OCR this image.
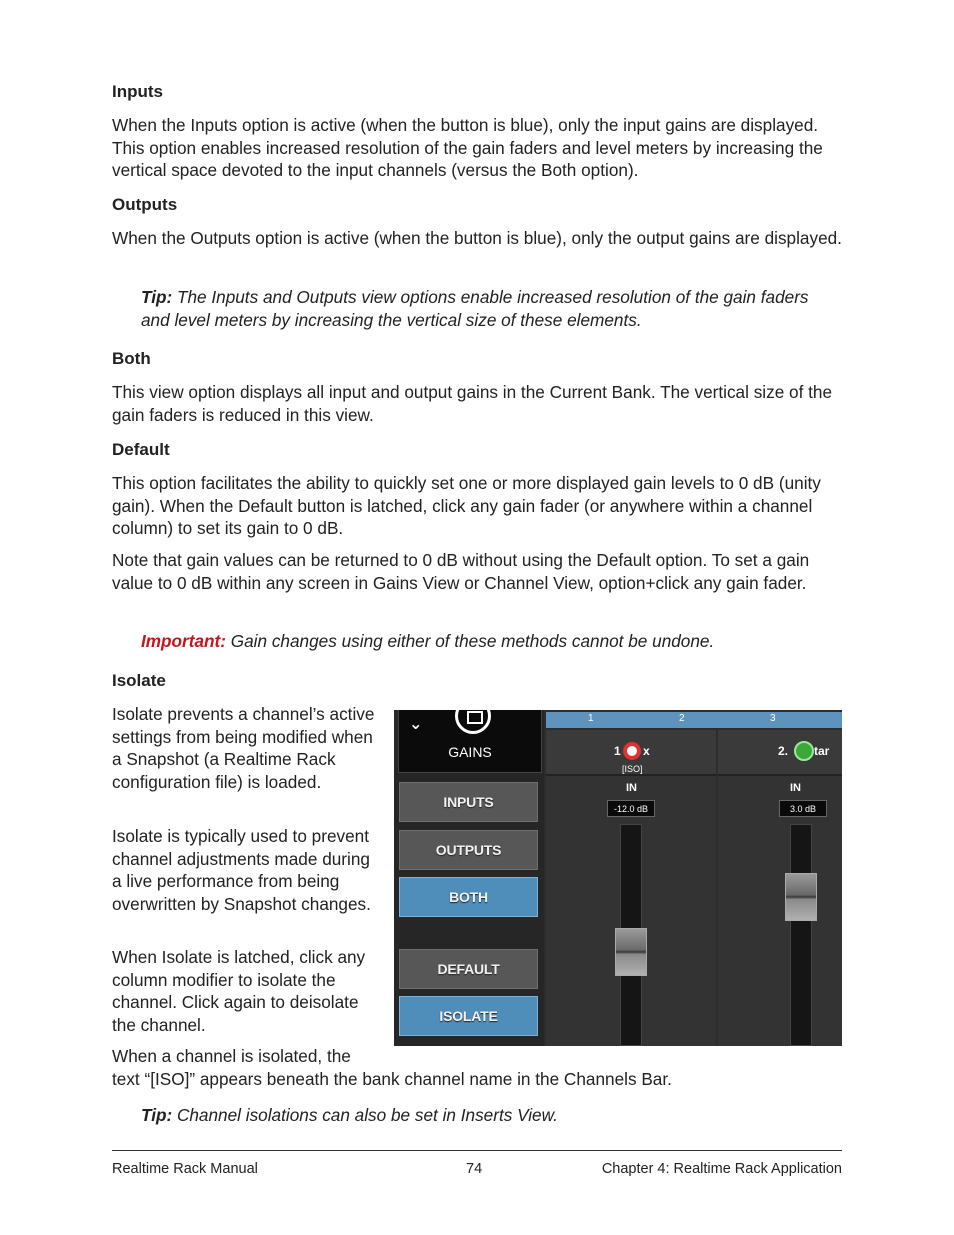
Inputs

When the Inputs option is active (when the button is blue), only the input gains are displayed. This option enables increased resolution of the gain faders and level meters by increasing the vertical space devoted to the input channels (versus the Both option).

Outputs

When the Outputs option is active (when the button is blue), only the output gains are displayed.

Tip: The Inputs and Outputs view options enable increased resolution of the gain faders and level meters by increasing the vertical size of these elements.

Both

This view option displays all input and output gains in the Current Bank. The vertical size of the gain faders is reduced in this view.

Default

This option facilitates the ability to quickly set one or more displayed gain levels to 0 dB (unity gain). When the Default button is latched, click any gain fader (or anywhere within a channel column) to set its gain to 0 dB.

Note that gain values can be returned to 0 dB without using the Default option. To set a gain value to 0 dB within any screen in Gains View or Channel View, option+click any gain fader.

Important: Gain changes using either of these methods cannot be undone.

Isolate

Isolate prevents a channel’s active settings from being modified when a Snapshot (a Realtime Rack configuration file) is loaded.

Isolate is typically used to prevent channel adjustments made during a live performance from being overwritten by Snapshot changes.

When Isolate is latched, click any column modifier to isolate the channel. Click again to deisolate the channel.

When a channel is isolated, the

text “[ISO]” appears beneath the bank channel name in the Channels Bar.

Tip: Channel isolations can also be set in Inserts View.

⌄
GAINS
INPUTS
OUTPUTS
BOTH
DEFAULT
ISOLATE
1	2	3
1 x
[ISO]
IN
-12.0 dB
2. tar
IN
3.0 dB
Realtime Rack Manual	74	Chapter 4: Realtime Rack Application
